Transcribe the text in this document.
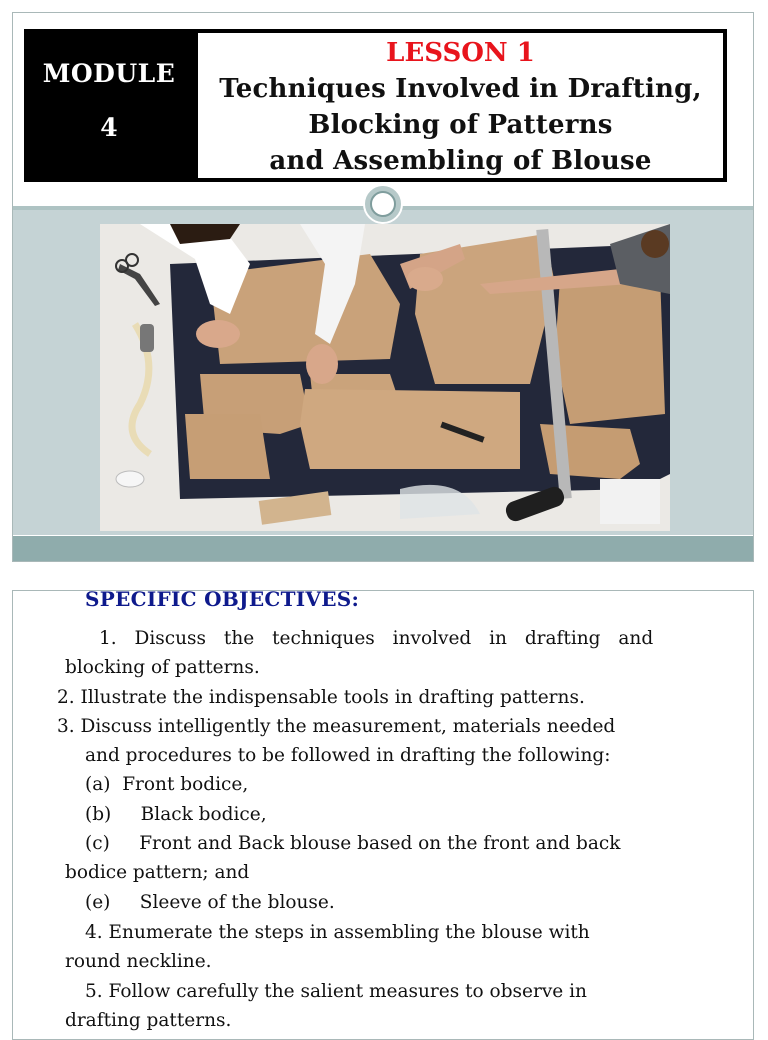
MODULE
4
LESSON 1
Techniques Involved in Drafting,
Blocking of Patterns
and Assembling of Blouse
SPECIFIC OBJECTIVES:
1. Discuss the techniques involved in drafting and
blocking of patterns.
2. Illustrate the indispensable tools in drafting patterns.
3. Discuss intelligently the measurement, materials needed
and procedures to be followed in drafting the following:
(a)  Front bodice,
(b)     Black bodice,
(c)     Front and Back blouse based on the front and back
bodice pattern; and
(e)     Sleeve of the blouse.
4. Enumerate the steps in assembling the blouse with
round neckline.
5. Follow carefully the salient measures to observe in
drafting patterns.
